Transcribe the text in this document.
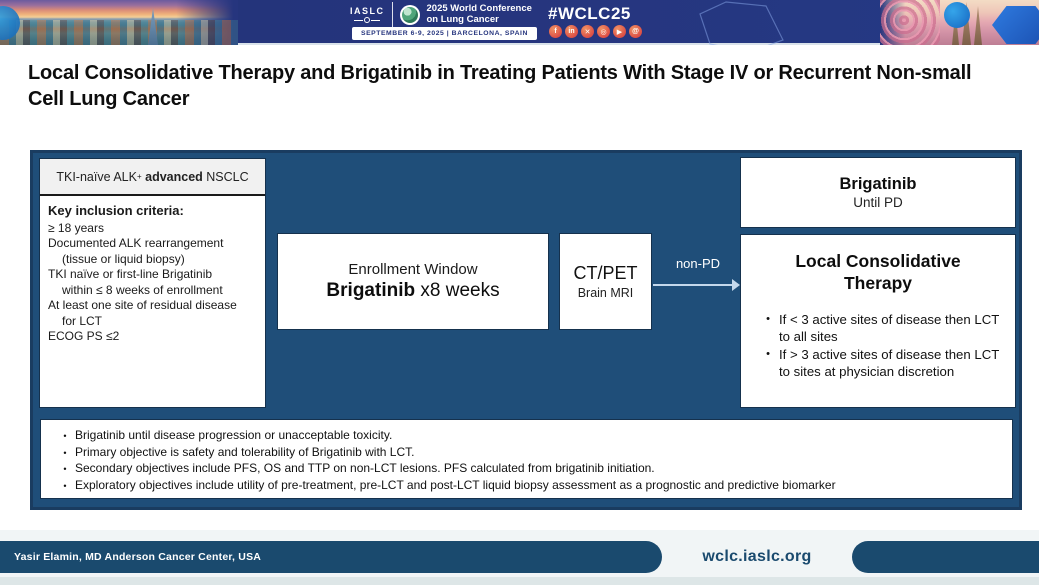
IASLC	2025 World Conference
on Lung Cancer
SEPTEMBER 6-9, 2025 | BARCELONA, SPAIN
#WCLC25
f	in	✕	◎	▶	@
Local Consolidative Therapy and Brigatinib in Treating Patients With Stage IV or Recurrent Non-small Cell Lung Cancer
TKI-naïve ALK + advanced NSCLC
Key inclusion criteria:
≥ 18 years
Documented ALK rearrangement
(tissue or liquid biopsy)
TKI naïve or first-line Brigatinib
within ≤ 8 weeks of enrollment
At least one site of residual disease
for LCT
ECOG PS ≤2
Enrollment Window
Brigatinib x8 weeks
CT/PET
Brain MRI
non-PD
Brigatinib
Until PD
Local Consolidative Therapy
• If < 3 active sites of disease then LCT to all sites
• If > 3 active sites of disease then LCT to sites at physician discretion
• Brigatinib until disease progression or unacceptable toxicity.
• Primary objective is safety and tolerability of Brigatinib with LCT.
• Secondary objectives include PFS, OS and TTP on non-LCT lesions. PFS calculated from brigatinib initiation.
• Exploratory objectives include utility of pre-treatment, pre-LCT and post-LCT liquid biopsy assessment as a prognostic and predictive biomarker
Yasir Elamin, MD Anderson Cancer Center, USA	wclc.iaslc.org
